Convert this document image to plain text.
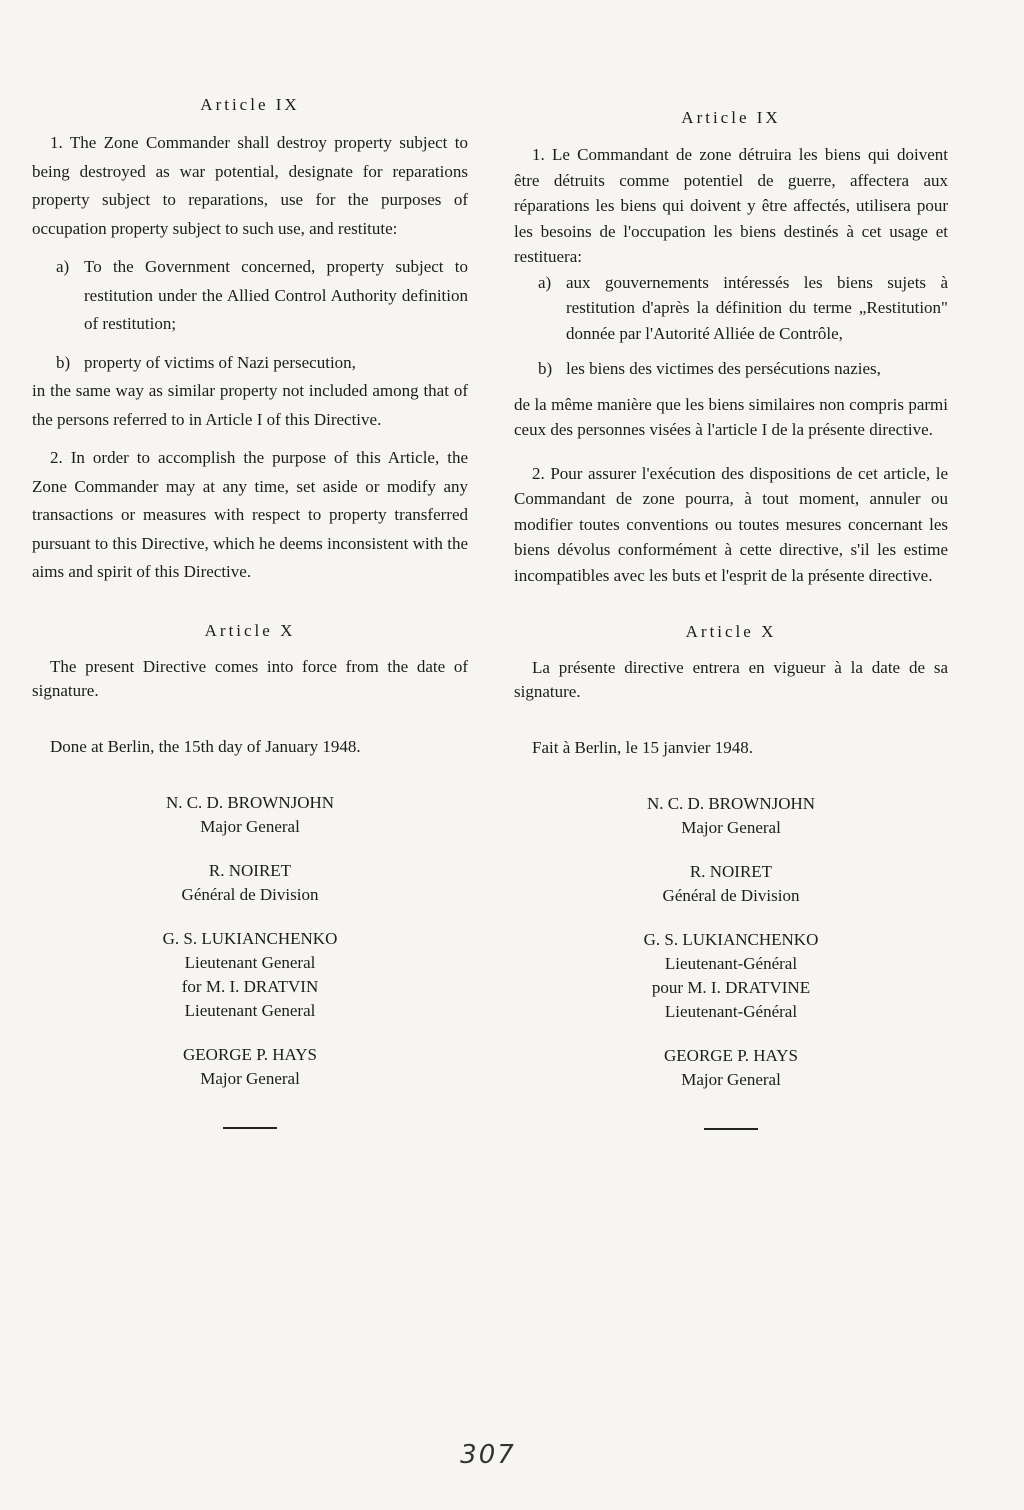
Article IX

1. The Zone Commander shall destroy property subject to being destroyed as war potential, designate for reparations property subject to reparations, use for the purposes of occupation property subject to such use, and restitute:

a) To the Government concerned, property subject to restitution under the Allied Control Authority definition of restitution;
b) property of victims of Nazi persecution,

in the same way as similar property not included among that of the persons referred to in Article I of this Directive.

2. In order to accomplish the purpose of this Article, the Zone Commander may at any time, set aside or modify any transactions or measures with respect to property transferred pursuant to this Directive, which he deems inconsistent with the aims and spirit of this Directive.

Article X

The present Directive comes into force from the date of signature.

Done at Berlin, the 15th day of January 1948.

N. C. D. BROWNJOHN
Major General
R. NOIRET
Général de Division
G. S. LUKIANCHENKO
Lieutenant General
for M. I. DRATVIN
Lieutenant General
GEORGE P. HAYS
Major General
Article IX

1. Le Commandant de zone détruira les biens qui doivent être détruits comme potentiel de guerre, affectera aux réparations les biens qui doivent y être affectés, utilisera pour les besoins de l'occupation les biens destinés à cet usage et restituera:

a) aux gouvernements intéressés les biens sujets à restitution d'après la définition du terme „Restitution" donnée par l'Autorité Alliée de Contrôle,
b) les biens des victimes des persécutions nazies,

de la même manière que les biens similaires non compris parmi ceux des personnes visées à l'article I de la présente directive.

2. Pour assurer l'exécution des dispositions de cet article, le Commandant de zone pourra, à tout moment, annuler ou modifier toutes conventions ou toutes mesures concernant les biens dévolus conformément à cette directive, s'il les estime incompatibles avec les buts et l'esprit de la présente directive.

Article X

La présente directive entrera en vigueur à la date de sa signature.

Fait à Berlin, le 15 janvier 1948.

N. C. D. BROWNJOHN
Major General
R. NOIRET
Général de Division
G. S. LUKIANCHENKO
Lieutenant-Général
pour M. I. DRATVINE
Lieutenant-Général
GEORGE P. HAYS
Major General
307
